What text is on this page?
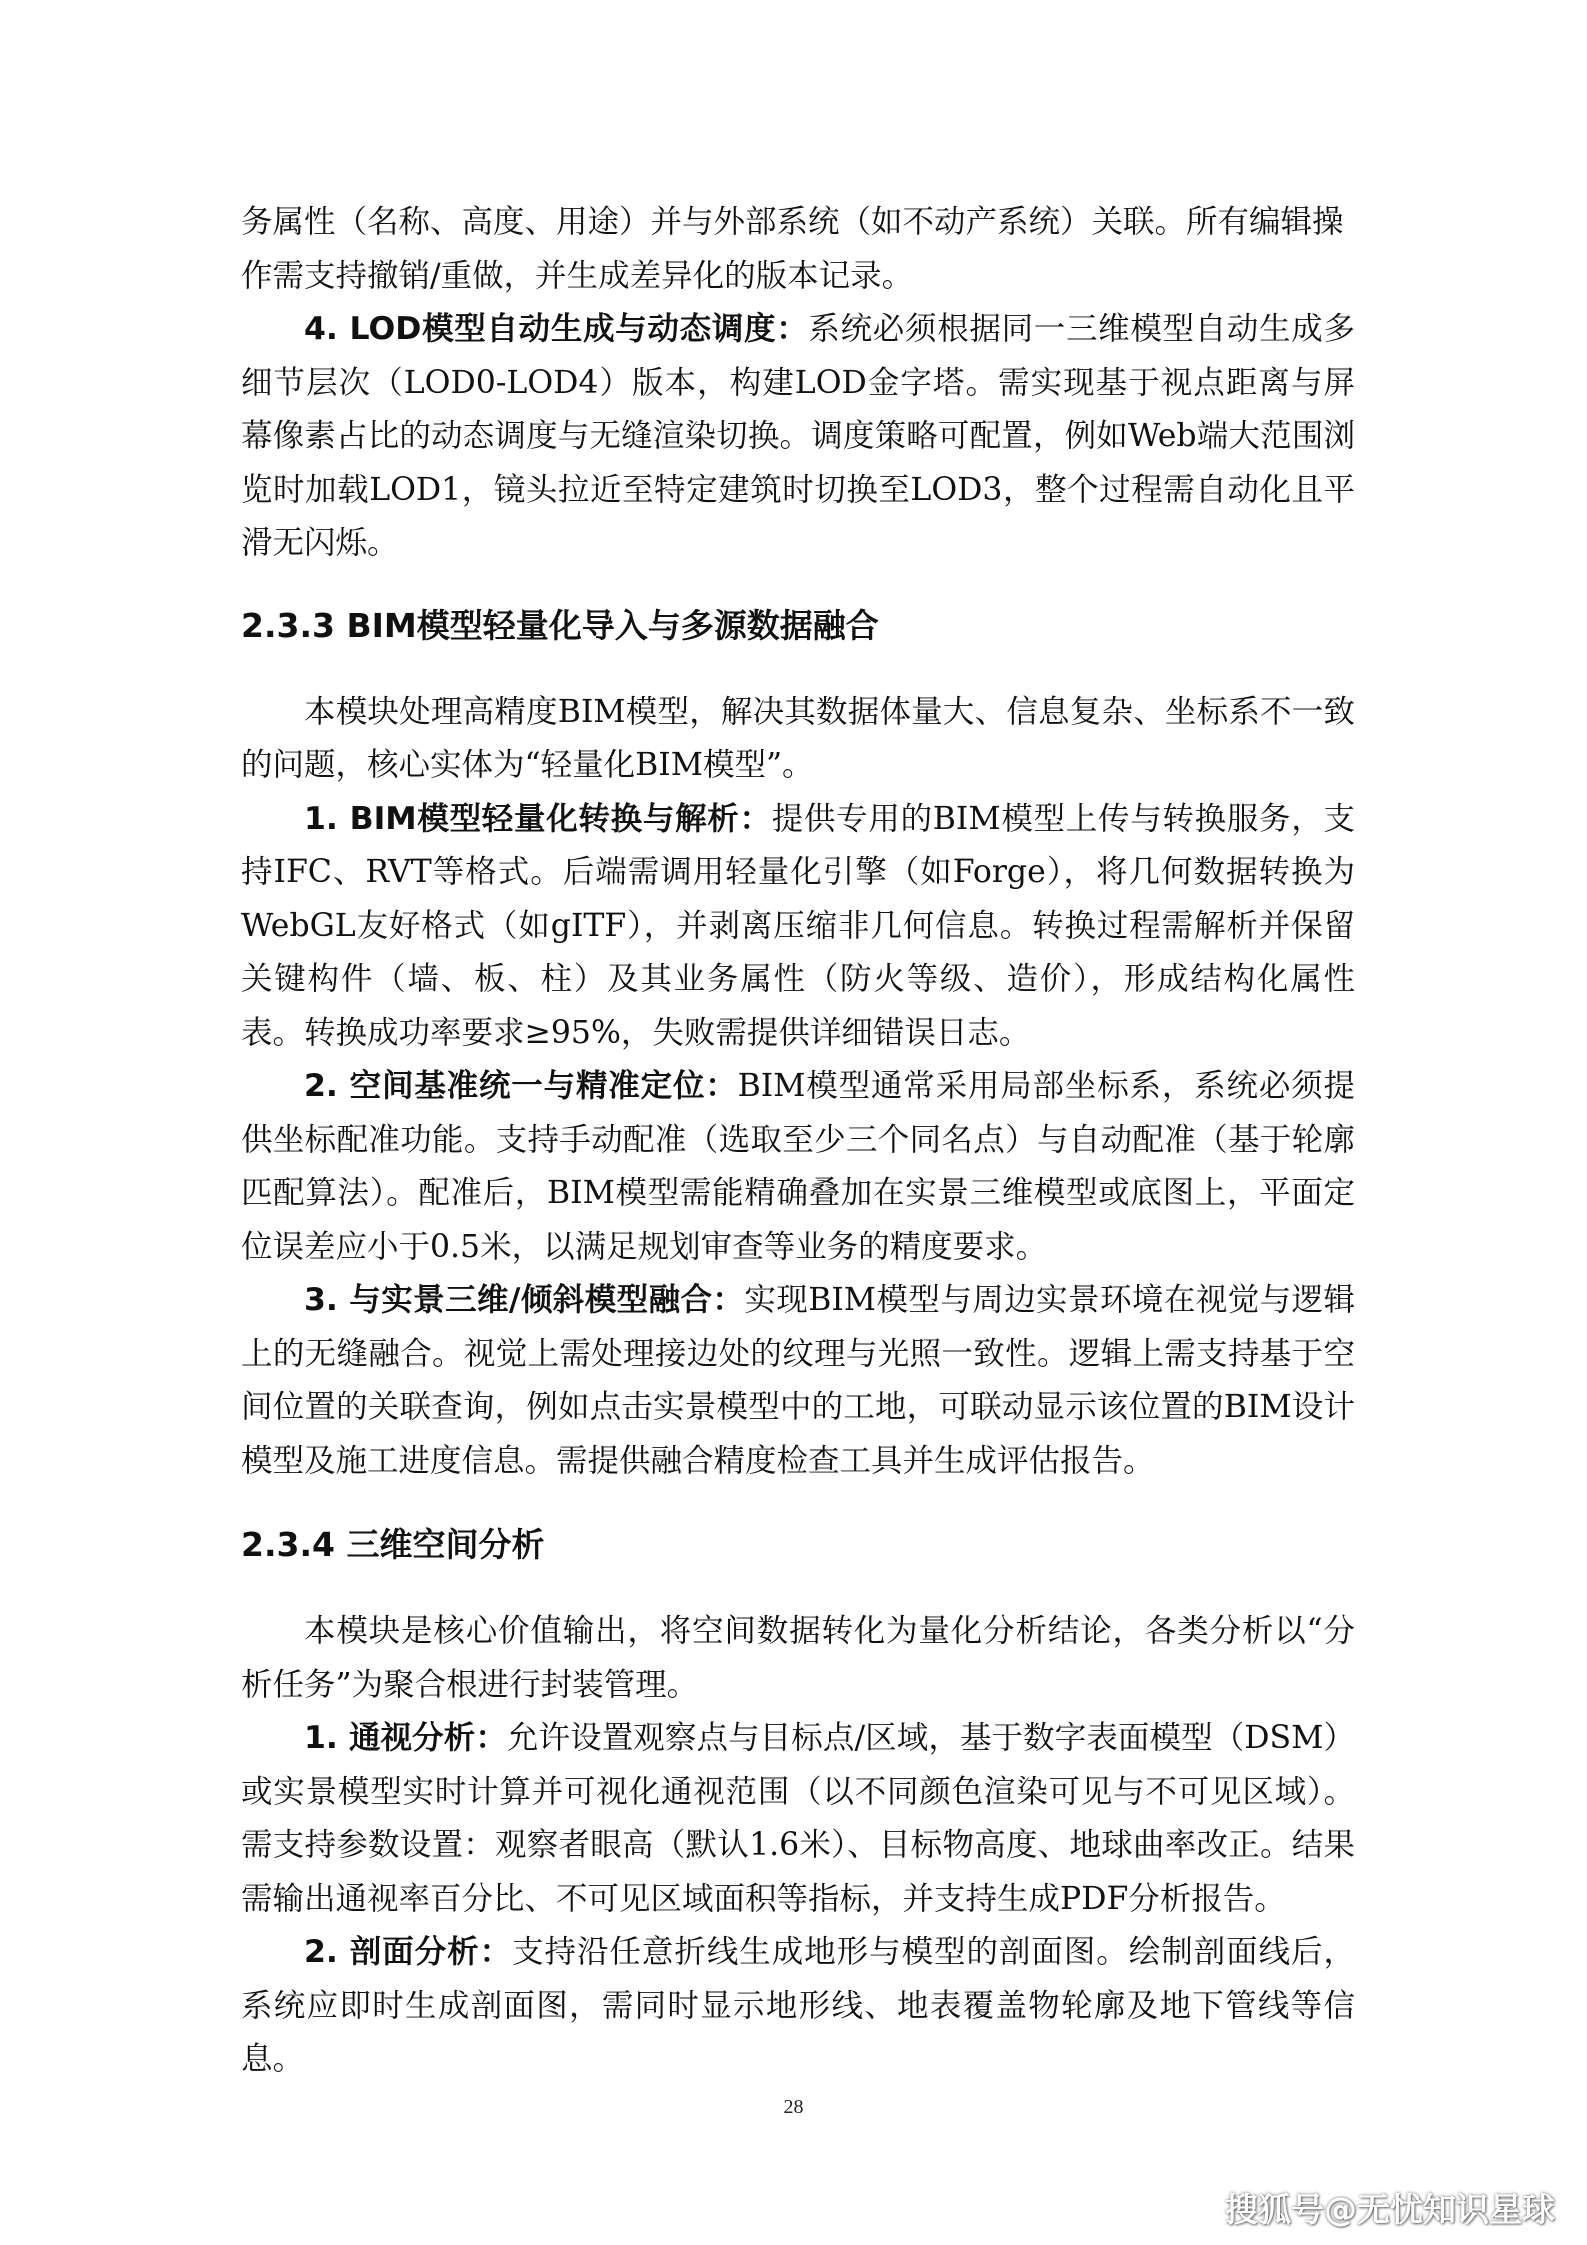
务属性（名称、高度、用途）并与外部系统（如不动产系统）关联。所有编辑操

作需支持撤销/重做，并生成差异化的版本记录。

4. LOD模型自动生成与动态调度：系统必须根据同一三维模型自动生成多细节层次（LOD0-LOD4）版本，构建LOD金字塔。需实现基于视点距离与屏幕像素占比的动态调度与无缝渲染切换。调度策略可配置，例如Web端大范围浏览时加载LOD1，镜头拉近至特定建筑时切换至LOD3，整个过程需自动化且平滑无闪烁。

2.3.3 BIM模型轻量化导入与多源数据融合

本模块处理高精度BIM模型，解决其数据体量大、信息复杂、坐标系不一致的问题，核心实体为“轻量化BIM模型”。

1. BIM模型轻量化转换与解析：提供专用的BIM模型上传与转换服务，支持IFC、RVT等格式。后端需调用轻量化引擎（如Forge），将几何数据转换为WebGL友好格式（如gITF），并剥离压缩非几何信息。转换过程需解析并保留关键构件（墙、板、柱）及其业务属性（防火等级、造价），形成结构化属性表。转换成功率要求≥95%，失败需提供详细错误日志。

2. 空间基准统一与精准定位：BIM模型通常采用局部坐标系，系统必须提供坐标配准功能。支持手动配准（选取至少三个同名点）与自动配准（基于轮廓匹配算法）。配准后，BIM模型需能精确叠加在实景三维模型或底图上，平面定位误差应小于0.5米，以满足规划审查等业务的精度要求。

3. 与实景三维/倾斜模型融合：实现BIM模型与周边实景环境在视觉与逻辑上的无缝融合。视觉上需处理接边处的纹理与光照一致性。逻辑上需支持基于空间位置的关联查询，例如点击实景模型中的工地，可联动显示该位置的BIM设计模型及施工进度信息。需提供融合精度检查工具并生成评估报告。

2.3.4 三维空间分析

本模块是核心价值输出，将空间数据转化为量化分析结论，各类分析以“分析任务”为聚合根进行封装管理。

1. 通视分析：允许设置观察点与目标点/区域，基于数字表面模型（DSM）或实景模型实时计算并可视化通视范围（以不同颜色渲染可见与不可见区域）。需支持参数设置：观察者眼高（默认1.6米）、目标物高度、地球曲率改正。结果需输出通视率百分比、不可见区域面积等指标，并支持生成PDF分析报告。

2. 剖面分析：支持沿任意折线生成地形与模型的剖面图。绘制剖面线后，系统应即时生成剖面图，需同时显示地形线、地表覆盖物轮廓及地下管线等信息。

28
搜狐号@无忧知识星球
